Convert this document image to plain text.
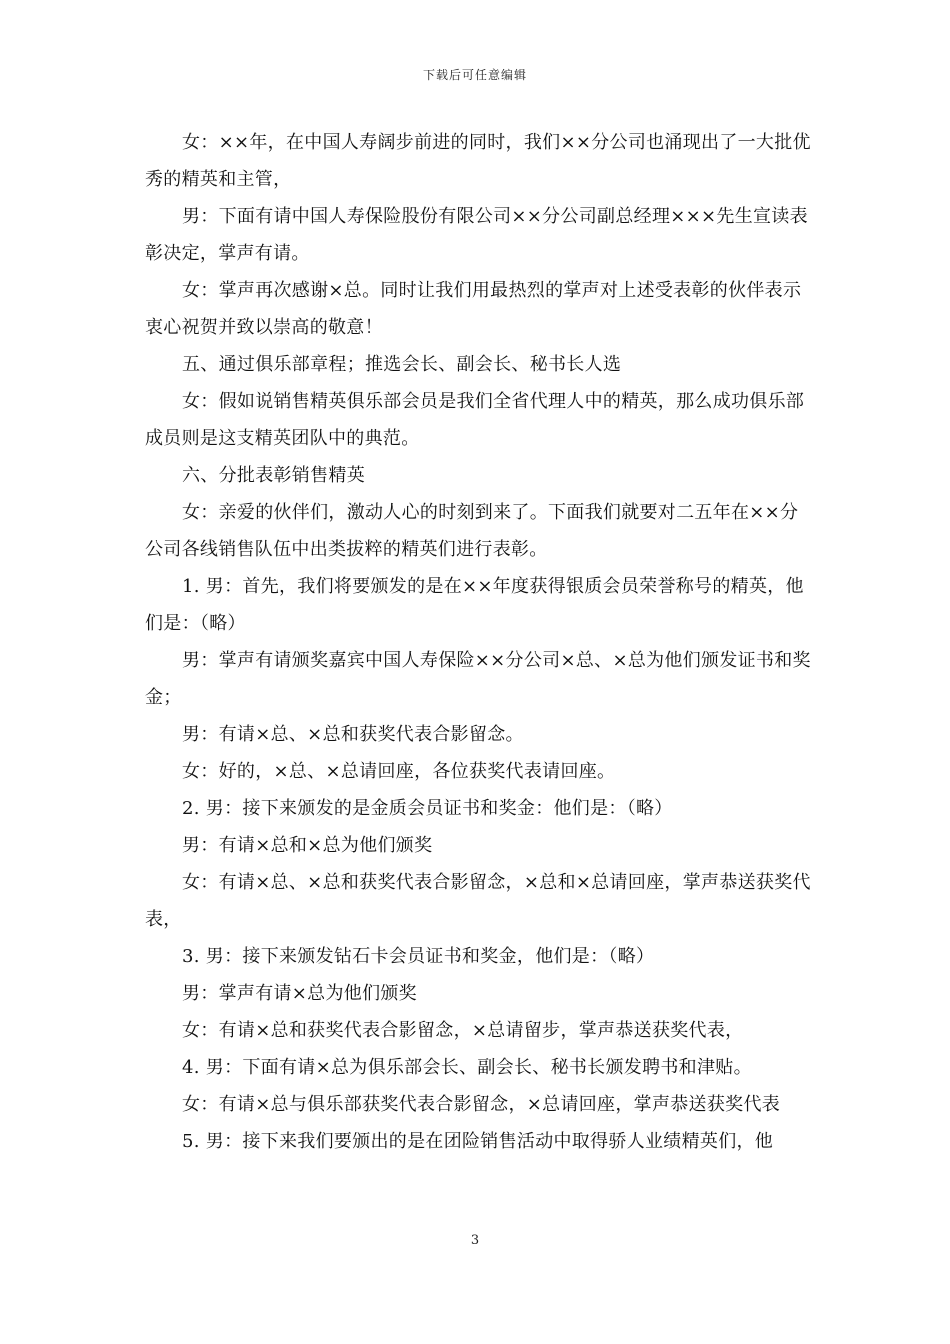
下载后可任意编辑

女：××年，在中国人寿阔步前进的同时，我们××分公司也涌现出了一大批优秀的精英和主管，

男：下面有请中国人寿保险股份有限公司××分公司副总经理×××先生宣读表彰决定，掌声有请。

女：掌声再次感谢×总。同时让我们用最热烈的掌声对上述受表彰的伙伴表示衷心祝贺并致以崇高的敬意！

五、通过俱乐部章程；推选会长、副会长、秘书长人选

女：假如说销售精英俱乐部会员是我们全省代理人中的精英，那么成功俱乐部成员则是这支精英团队中的典范。

六、分批表彰销售精英

女：亲爱的伙伴们，激动人心的时刻到来了。下面我们就要对二五年在××分公司各线销售队伍中出类拔粹的精英们进行表彰。

1. 男：首先，我们将要颁发的是在××年度获得银质会员荣誉称号的精英，他们是：（略）

男：掌声有请颁奖嘉宾中国人寿保险××分公司×总、×总为他们颁发证书和奖金；

男：有请×总、×总和获奖代表合影留念。

女：好的，×总、×总请回座，各位获奖代表请回座。

2. 男：接下来颁发的是金质会员证书和奖金：他们是：（略）

男：有请×总和×总为他们颁奖

女：有请×总、×总和获奖代表合影留念，×总和×总请回座，掌声恭送获奖代表，

3. 男：接下来颁发钻石卡会员证书和奖金，他们是：（略）

男：掌声有请×总为他们颁奖

女：有请×总和获奖代表合影留念，×总请留步，掌声恭送获奖代表，

4. 男：下面有请×总为俱乐部会长、副会长、秘书长颁发聘书和津贴。

女：有请×总与俱乐部获奖代表合影留念，×总请回座，掌声恭送获奖代表

5. 男：接下来我们要颁出的是在团险销售活动中取得骄人业绩精英们，他

3
